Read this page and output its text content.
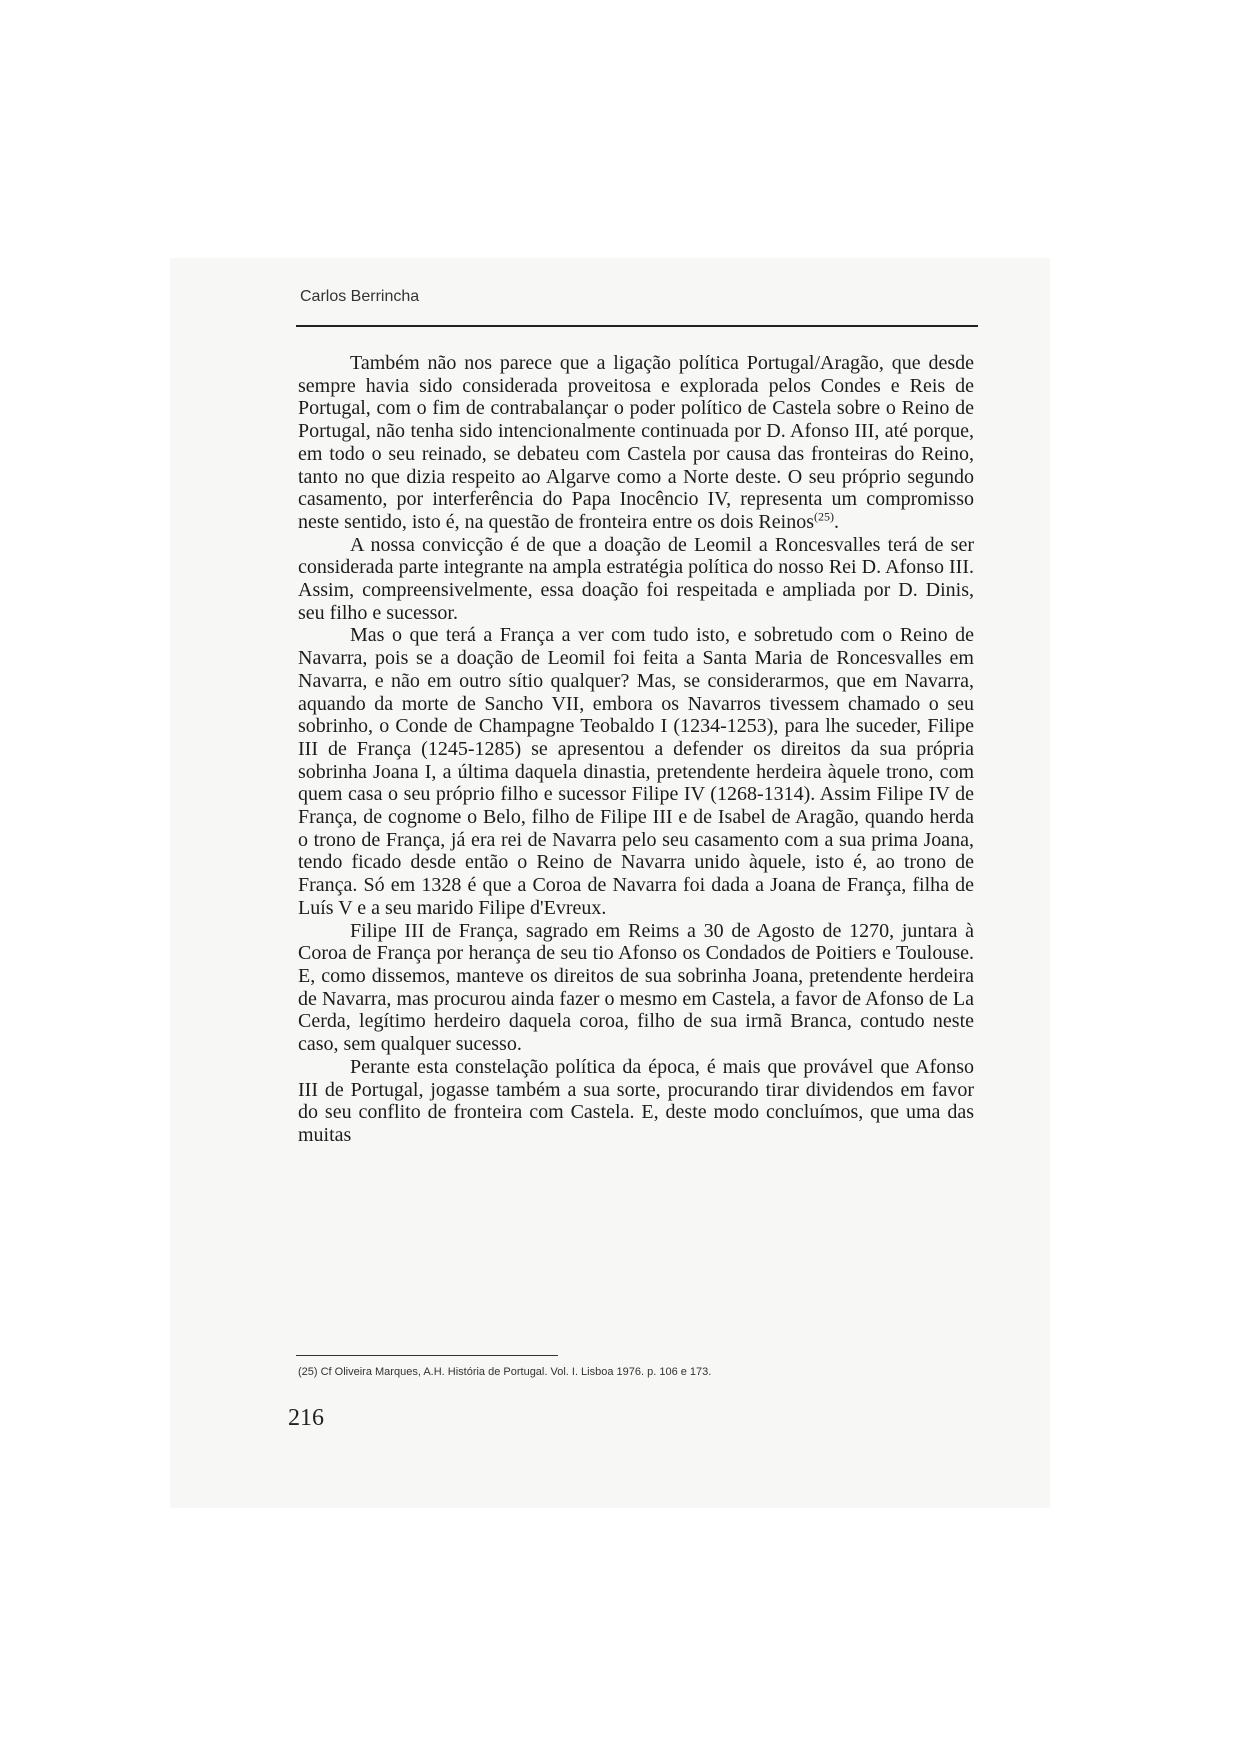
Carlos Berrincha

Também não nos parece que a ligação política Portugal/Aragão, que desde sempre havia sido considerada proveitosa e explorada pelos Condes e Reis de Portugal, com o fim de contrabalançar o poder político de Castela sobre o Reino de Portugal, não tenha sido intencionalmente continuada por D. Afonso III, até porque, em todo o seu reinado, se debateu com Castela por causa das fronteiras do Reino, tanto no que dizia respeito ao Algarve como a Norte deste. O seu próprio segundo casamento, por interferência do Papa Inocêncio IV, representa um compromisso neste sentido, isto é, na questão de fronteira entre os dois Reinos$^{(25)}$.

A nossa convicção é de que a doação de Leomil a Roncesvalles terá de ser considerada parte integrante na ampla estratégia política do nosso Rei D. Afonso III. Assim, compreensivelmente, essa doação foi respeitada e ampliada por D. Dinis, seu filho e sucessor.

Mas o que terá a França a ver com tudo isto, e sobretudo com o Reino de Navarra, pois se a doação de Leomil foi feita a Santa Maria de Roncesvalles em Navarra, e não em outro sítio qualquer? Mas, se considerarmos, que em Navarra, aquando da morte de Sancho VII, embora os Navarros tivessem chamado o seu sobrinho, o Conde de Champagne Teobaldo I (1234-1253), para lhe suceder, Filipe III de França (1245-1285) se apresentou a defender os direitos da sua própria sobrinha Joana I, a última daquela dinastia, pretendente herdeira àquele trono, com quem casa o seu próprio filho e sucessor Filipe IV (1268-1314). Assim Filipe IV de França, de cognome o Belo, filho de Filipe III e de Isabel de Aragão, quando herda o trono de França, já era rei de Navarra pelo seu casamento com a sua prima Joana, tendo ficado desde então o Reino de Navarra unido àquele, isto é, ao trono de França. Só em 1328 é que a Coroa de Navarra foi dada a Joana de França, filha de Luís V e a seu marido Filipe d'Evreux.

Filipe III de França, sagrado em Reims a 30 de Agosto de 1270, juntara à Coroa de França por herança de seu tio Afonso os Condados de Poitiers e Toulouse. E, como dissemos, manteve os direitos de sua sobrinha Joana, pretendente herdeira de Navarra, mas procurou ainda fazer o mesmo em Castela, a favor de Afonso de La Cerda, legítimo herdeiro daquela coroa, filho de sua irmã Branca, contudo neste caso, sem qualquer sucesso.

Perante esta constelação política da época, é mais que provável que Afonso III de Portugal, jogasse também a sua sorte, procurando tirar dividendos em favor do seu conflito de fronteira com Castela. E, deste modo concluímos, que uma das muitas

(25) Cf Oliveira Marques, A.H. História de Portugal. Vol. I. Lisboa 1976. p. 106 e 173.
216
